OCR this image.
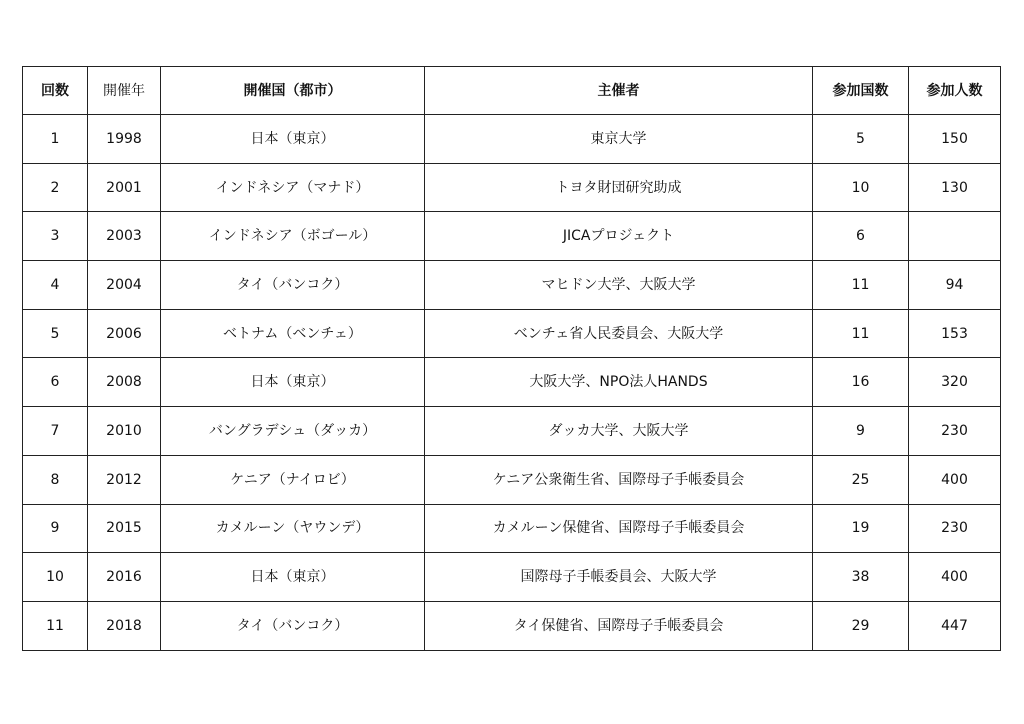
回数	開催年	開催国（都市）	主催者	参加国数	参加人数
1	1998	日本（東京）	東京大学	5	150
2	2001	インドネシア（マナド）	トヨタ財団研究助成	10	130
3	2003	インドネシア（ボゴール）	JICAプロジェクト	6	
4	2004	タイ（バンコク）	マヒドン大学、大阪大学	11	94
5	2006	ベトナム（ベンチェ）	ベンチェ省人民委員会、大阪大学	11	153
6	2008	日本（東京）	大阪大学、NPO法人HANDS	16	320
7	2010	バングラデシュ（ダッカ）	ダッカ大学、大阪大学	9	230
8	2012	ケニア（ナイロビ）	ケニア公衆衛生省、国際母子手帳委員会	25	400
9	2015	カメルーン（ヤウンデ）	カメルーン保健省、国際母子手帳委員会	19	230
10	2016	日本（東京）	国際母子手帳委員会、大阪大学	38	400
11	2018	タイ（バンコク）	タイ保健省、国際母子手帳委員会	29	447
